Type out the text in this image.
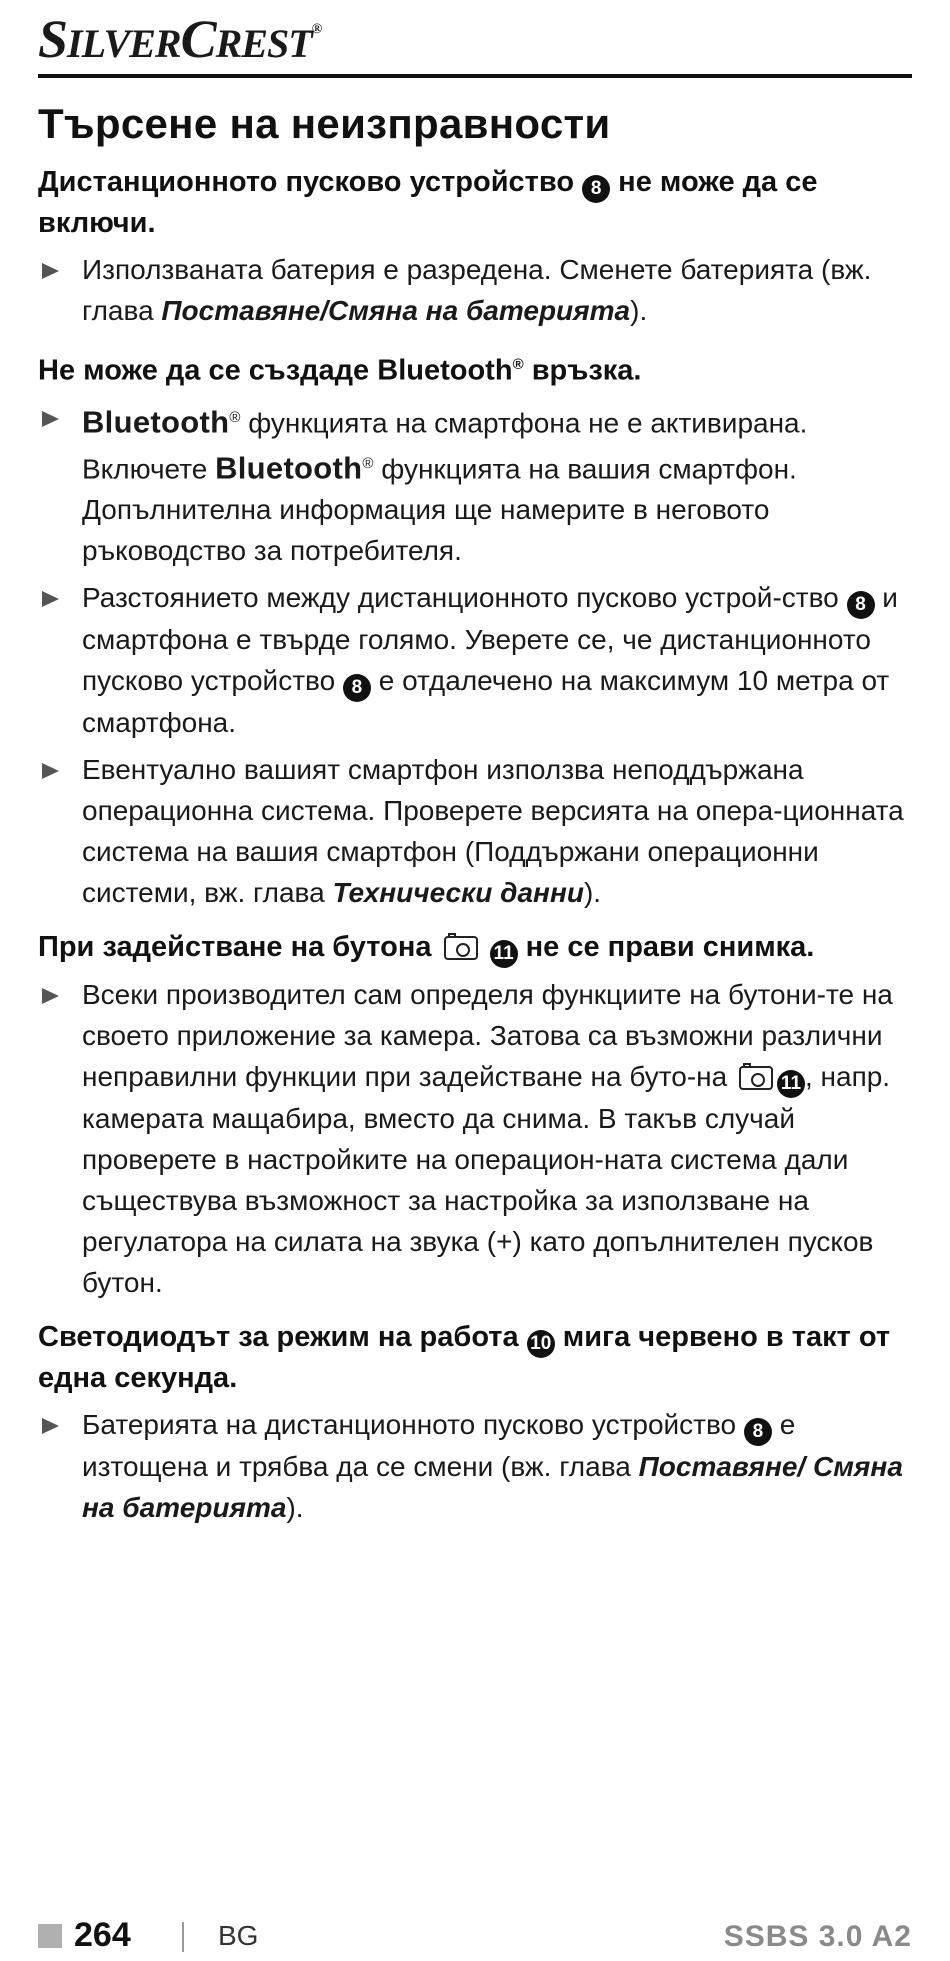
SILVERCREST®
Търсене на неизправности
Дистанционното пусково устройство 8 не може да се включи.
Използваната батерия е разредена. Сменете батерията (вж. глава Поставяне/Смяна на батерията).
Не може да се създаде Bluetooth® връзка.
Bluetooth® функцията на смартфона не е активирана. Включете Bluetooth® функцията на вашия смартфон. Допълнителна информация ще намерите в неговото ръководство за потребителя.
Разстоянието между дистанционното пусково устрой-ство 8 и смартфона е твърде голямо. Уверете се, че дистанционното пусково устройство 8 е отдалечено на максимум 10 метра от смартфона.
Евентуално вашият смартфон използва неподдържана операционна система. Проверете версията на опера-ционната система на вашия смартфон (Поддържани операционни системи, вж. глава Технически данни).
При задействане на бутона	11 не се прави снимка.
Всеки производител сам определя функциите на бутони-те на своето приложение за камера. Затова са възможни различни неправилни функции при задействане на буто-на	11 , напр. камерата мащабира, вместо да снима. В такъв случай проверете в настройките на операцион-ната система дали съществува възможност за настройка за използване на регулатора на силата на звука (+) като допълнителен пусков бутон.
Светодиодът за режим на работа 10 мига червено в такт от една секунда.
Батерията на дистанционното пусково устройство 8 е изтощена и трябва да се смени (вж. глава Поставяне/ Смяна на батерията).
264	BG	SSBS 3.0 A2
